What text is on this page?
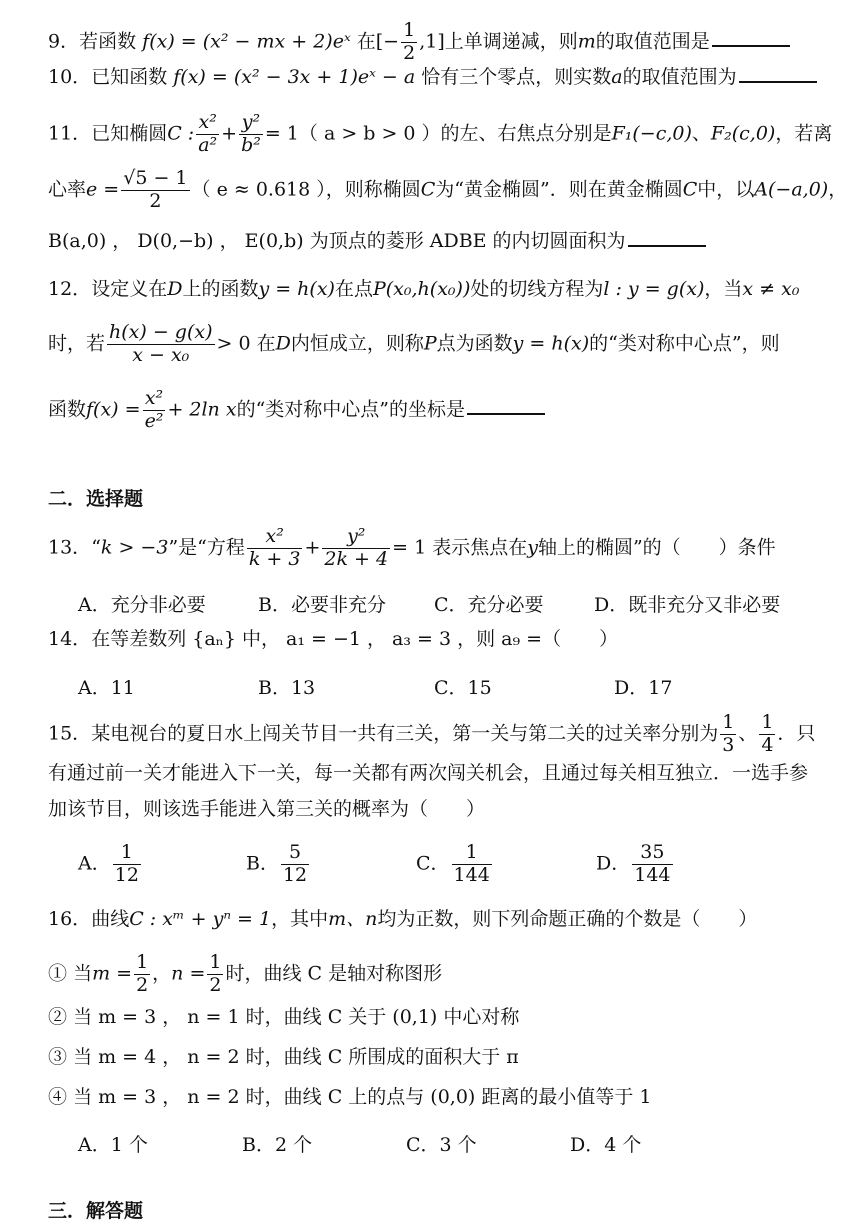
9．若函数 f(x) = (x² − mx + 2)eˣ 在[− $\frac{1}{2} ,1$]上单调递减，则m的取值范围是
10．已知函数 f(x) = (x² − 3x + 1)eˣ − a 恰有三个零点，则实数a的取值范围为
11．已知椭圆C : $\frac{\text{x²}}{\text{a²}} + \frac{\text{y²}}{\text{b²}} = 1$（ a > b > 0 ）的左、右焦点分别是F₁(−c,0)、F₂(c,0)，若离
心率$e = \frac{√5 - 1}{2}$ （ e ≈ 0.618 ），则称椭圆C为“黄金椭圆”．则在黄金椭圆C中，以A(−a,0)，
B(a,0) ， D(0,−b) ， E(0,b) 为顶点的菱形 ADBE 的内切圆面积为
12．设定义在D上的函数y = h(x)在点P(x₀,h(x₀))处的切线方程为l : y = g(x)，当x ≠ x₀
时，若 $\frac{h(x) - g(x)}{\text{x − x₀}} > 0$ 在D内恒成立，则称P点为函数y = h(x)的“类对称中心点”，则
函数$f(x) = \frac{\text{x²}}{\text{e²}} + 2\ln$ x的“类对称中心点”的坐标是
二．选择题
13．“k > −3”是“方程 $\frac{\text{x²}}{k + 3} + \frac{\text{y²}}{2k + 4} = 1$ 表示焦点在y轴上的椭圆”的（　　）条件
A．充分非必要	B．必要非充分	C．充分必要	D．既非充分又非必要
14．在等差数列 {aₙ} 中， a₁ = −1 ， a₃ = 3 ，则 a₉ =（　　）
A．11	B．13	C．15	D．17
15．某电视台的夏日水上闯关节目一共有三关，第一关与第二关的过关率分别为 $\frac{1}{3}$ 、 $\frac{1}{4}$ ．只
有通过前一关才能进入下一关，每一关都有两次闯关机会，且通过每关相互独立．一选手参
加该节目，则该选手能进入第三关的概率为（　　）
A． $\frac{1}{12}$	B． $\frac{5}{12}$	C． $\frac{1}{144}$	D． $\frac{35}{144}$
16．曲线C : xᵐ + yⁿ = 1，其中m、n均为正数，则下列命题正确的个数是（　　）
① 当$m = \frac{1}{2}$ ，$n = \frac{1}{2}$ 时，曲线 C 是轴对称图形
② 当 m = 3 ， n = 1 时，曲线 C 关于 (0,1) 中心对称
③ 当 m = 4 ， n = 2 时，曲线 C 所围成的面积大于 π
④ 当 m = 3 ， n = 2 时，曲线 C 上的点与 (0,0) 距离的最小值等于 1
A．1 个	B．2 个	C．3 个	D．4 个
三．解答题
